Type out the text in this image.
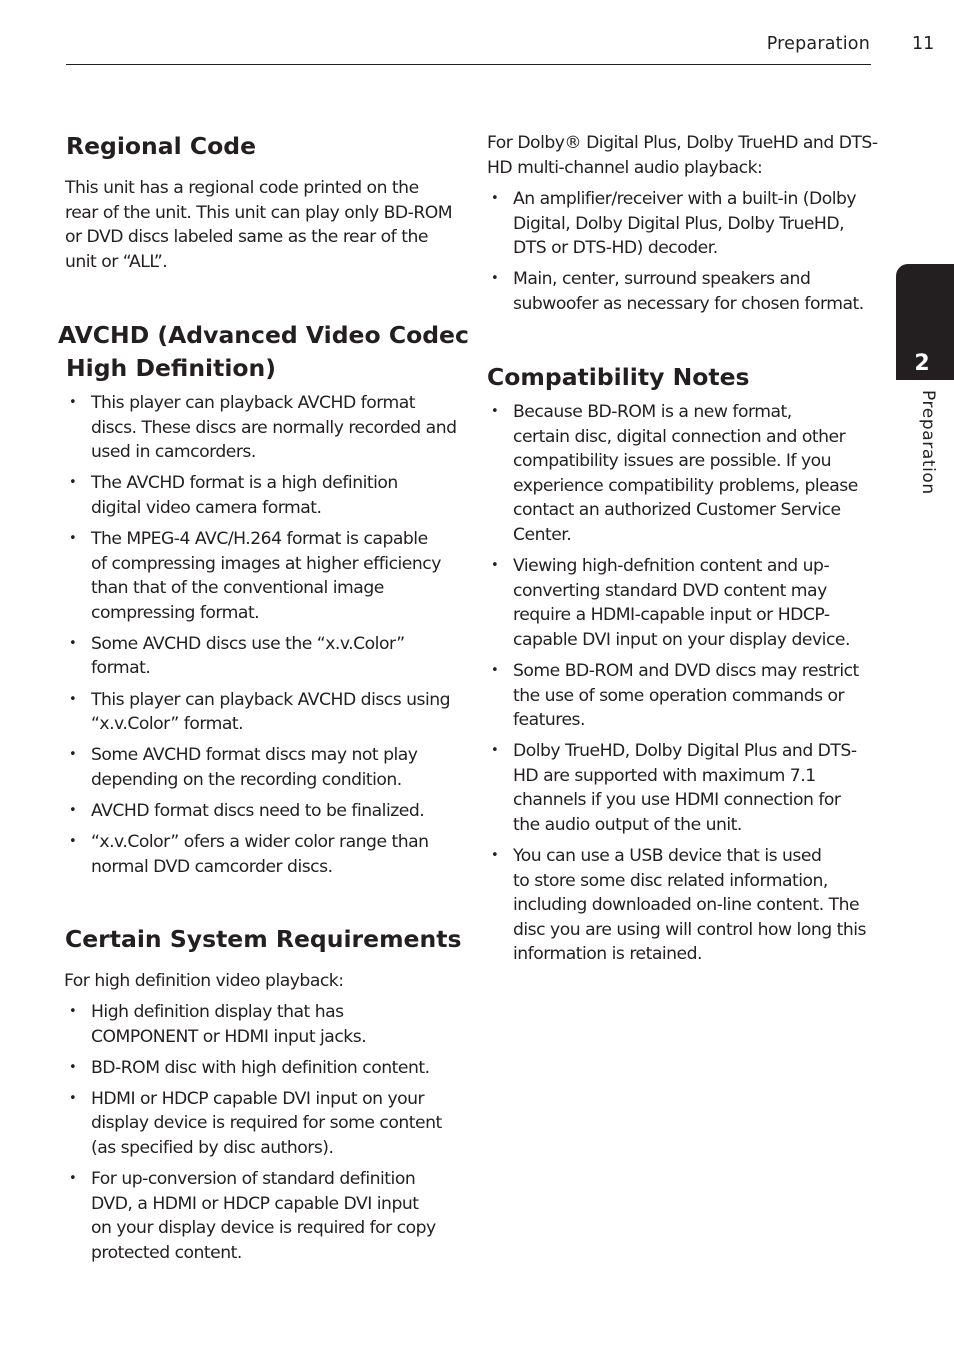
Preparation 11
2
Preparation
Regional Code
This unit has a regional code printed on the
rear of the unit. This unit can play only BD-ROM
or DVD discs labeled same as the rear of the
unit or “ALL”.
AVCHD (Advanced Video Codec
High Definition)
• This player can playback AVCHD format
discs. These discs are normally recorded and
used in camcorders.
• The AVCHD format is a high definition
digital video camera format.
• The MPEG-4 AVC/H.264 format is capable
of compressing images at higher efficiency
than that of the conventional image
compressing format.
• Some AVCHD discs use the “x.v.Color”
format.
• This player can playback AVCHD discs using
“x.v.Color” format.
• Some AVCHD format discs may not play
depending on the recording condition.
• AVCHD format discs need to be finalized.
• “x.v.Color” ofers a wider color range than
normal DVD camcorder discs.
Certain System Requirements
For high definition video playback:
• High definition display that has
COMPONENT or HDMI input jacks.
• BD-ROM disc with high definition content.
• HDMI or HDCP capable DVI input on your
display device is required for some content
(as specified by disc authors).
• For up-conversion of standard definition
DVD, a HDMI or HDCP capable DVI input
on your display device is required for copy
protected content.
For Dolby® Digital Plus, Dolby TrueHD and DTS-
HD multi-channel audio playback:
• An amplifier/receiver with a built-in (Dolby
Digital, Dolby Digital Plus, Dolby TrueHD,
DTS or DTS-HD) decoder.
• Main, center, surround speakers and
subwoofer as necessary for chosen format.
Compatibility Notes
• Because BD-ROM is a new format,
certain disc, digital connection and other
compatibility issues are possible. If you
experience compatibility problems, please
contact an authorized Customer Service
Center.
• Viewing high-defnition content and up-
converting standard DVD content may
require a HDMI-capable input or HDCP-
capable DVI input on your display device.
• Some BD-ROM and DVD discs may restrict
the use of some operation commands or
features.
• Dolby TrueHD, Dolby Digital Plus and DTS-
HD are supported with maximum 7.1
channels if you use HDMI connection for
the audio output of the unit.
• You can use a USB device that is used
to store some disc related information,
including downloaded on-line content. The
disc you are using will control how long this
information is retained.
